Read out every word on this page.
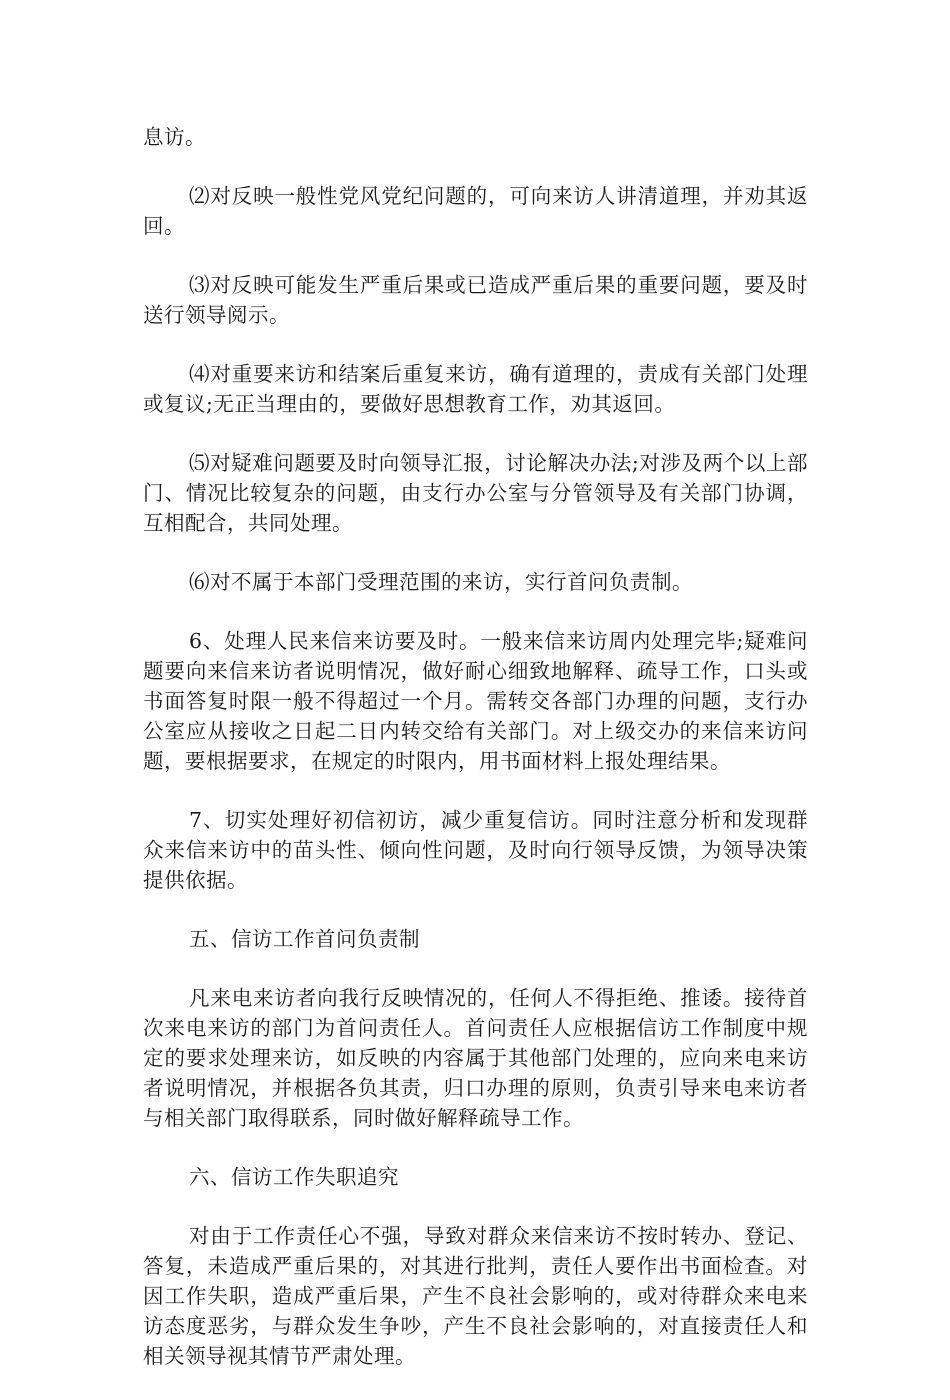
息访。

⑵对反映一般性党风党纪问题的，可向来访人讲清道理，并劝其返回。

⑶对反映可能发生严重后果或已造成严重后果的重要问题，要及时送行领导阅示。

⑷对重要来访和结案后重复来访，确有道理的，责成有关部门处理或复议;无正当理由的，要做好思想教育工作，劝其返回。

⑸对疑难问题要及时向领导汇报，讨论解决办法;对涉及两个以上部门、情况比较复杂的问题，由支行办公室与分管领导及有关部门协调，互相配合，共同处理。

⑹对不属于本部门受理范围的来访，实行首问负责制。

6、处理人民来信来访要及时。一般来信来访周内处理完毕;疑难问题要向来信来访者说明情况，做好耐心细致地解释、疏导工作，口头或书面答复时限一般不得超过一个月。需转交各部门办理的问题，支行办公室应从接收之日起二日内转交给有关部门。对上级交办的来信来访问题，要根据要求，在规定的时限内，用书面材料上报处理结果。

7、切实处理好初信初访，减少重复信访。同时注意分析和发现群众来信来访中的苗头性、倾向性问题，及时向行领导反馈，为领导决策提供依据。

五、信访工作首问负责制

凡来电来访者向我行反映情况的，任何人不得拒绝、推诿。接待首次来电来访的部门为首问责任人。首问责任人应根据信访工作制度中规定的要求处理来访，如反映的内容属于其他部门处理的，应向来电来访者说明情况，并根据各负其责，归口办理的原则，负责引导来电来访者与相关部门取得联系，同时做好解释疏导工作。

六、信访工作失职追究

对由于工作责任心不强，导致对群众来信来访不按时转办、登记、答复，未造成严重后果的，对其进行批判，责任人要作出书面检查。对因工作失职，造成严重后果，产生不良社会影响的，或对待群众来电来访态度恶劣，与群众发生争吵，产生不良社会影响的，对直接责任人和相关领导视其情节严肃处理。
